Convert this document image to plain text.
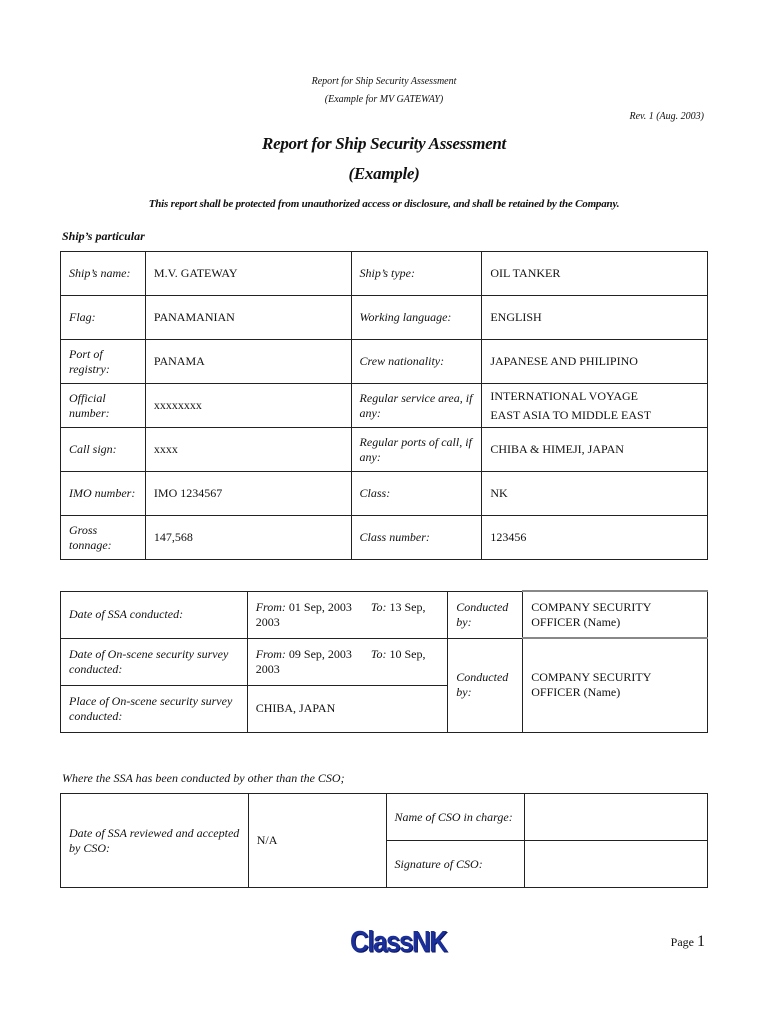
Report for Ship Security Assessment
(Example for MV GATEWAY)
Rev. 1 (Aug. 2003)
Report for Ship Security Assessment
(Example)
This report shall be protected from unauthorized access or disclosure, and shall be retained by the Company.
Ship’s particular
Ship’s name:	M.V. GATEWAY	Ship’s type:	OIL TANKER
Flag:	PANAMANIAN	Working language:	ENGLISH
Port of registry:	PANAMA	Crew nationality:	JAPANESE AND PHILIPINO
Official number:	xxxxxxxx	Regular service area, if any:	INTERNATIONAL VOYAGE
EAST ASIA TO MIDDLE EAST

Call sign:	xxxx	Regular ports of call, if any:	CHIBA & HIMEJI, JAPAN
IMO number:	IMO 1234567	Class:	NK
Gross tonnage:	147,568	Class number:	123456
Date of SSA conducted:	From: 01 Sep, 2003 To: 13 Sep, 2003	Conducted by:	COMPANY SECURITY OFFICER (Name)
Date of On-scene security survey conducted:	From: 09 Sep, 2003 To: 10 Sep, 2003	Conducted by:	COMPANY SECURITY OFFICER (Name)
Place of On-scene security survey conducted:	CHIBA, JAPAN		
Where the SSA has been conducted by other than the CSO;
Date of SSA reviewed and accepted by CSO:	N/A	Name of CSO in charge:	
		Signature of CSO:	
ClassNK	Page 1
